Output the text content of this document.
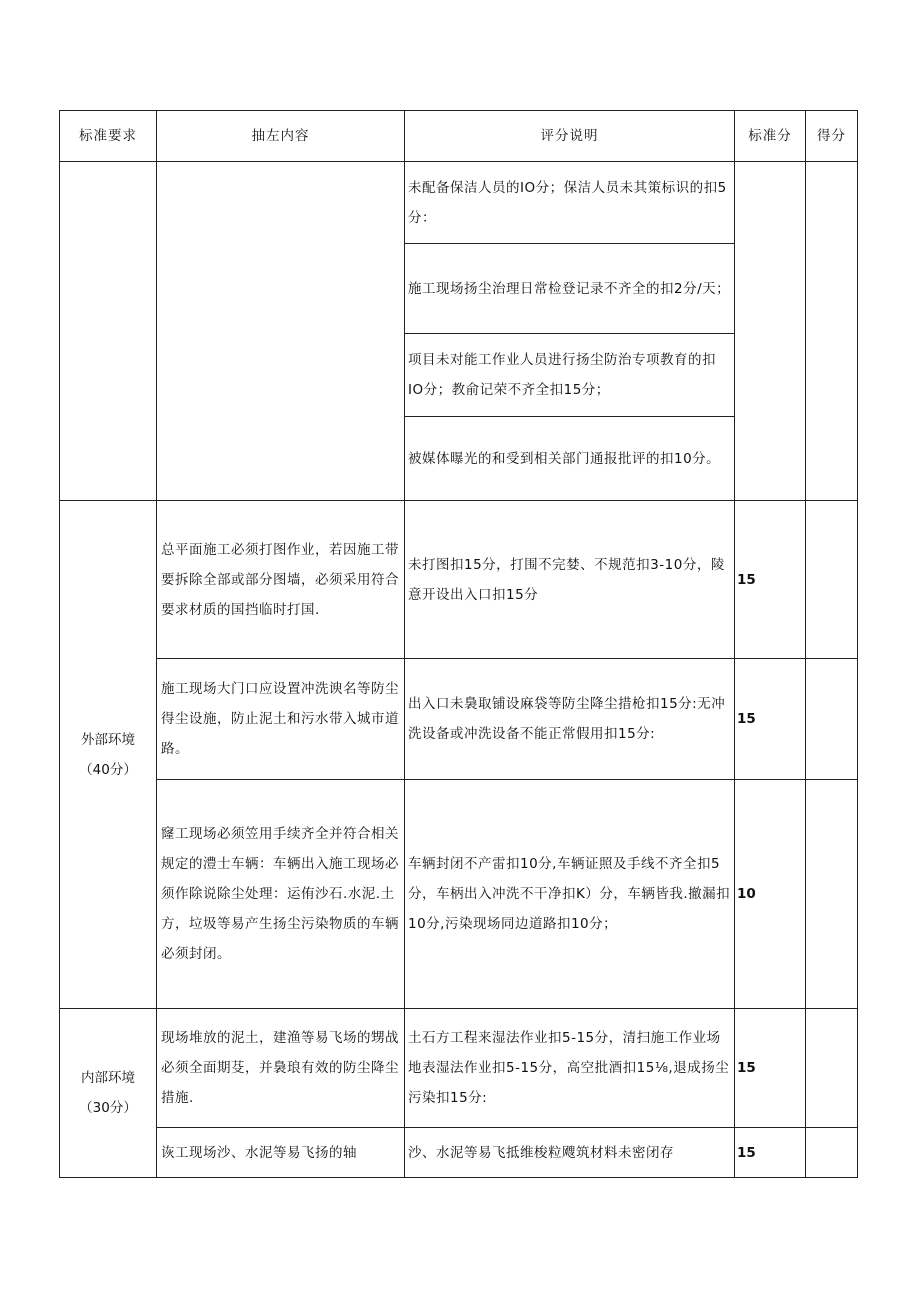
标准要求	抽左内容	评分说明	标准分	得分
		未配备保洁人员的IO分；保洁人员未其策标识的扣5分：		
		施工现场扬尘治理日常检登记录不齐全的扣2分/天；		
		项目未对能工作业人员进行扬尘防治专项教育的扣IO分；教俞记荣不齐全扣15分；		
		被媒体曝光的和受到相关部门通报批评的扣10分。		
外部环境
（40分）	总平面施工必须打图作业，若因施工带要拆除全部或部分图墙，必须采用符合要求材质的国挡临时打国.	未打图扣15分，打围不完婪、不规范扣3-10分，陵意开设出入口扣15分	15	
	施工现场大门口应设置冲洗谀名等防尘得尘设施，防止泥土和污水带入城市道路。	出入口未裊取铺设麻袋等防尘降尘措枪扣15分:无冲洗设备或冲洗设备不能正常假用扣15分:	15	
	窿工现场必须笠用手续齐全并符合相关规定的澧士车辆：车辆出入施工现场必须作除说除尘处理：运侑沙石.水泥.土方，垃圾等易产生扬尘污染物质的车辆必须封闭。	车辆封闭不产雷扣10分,车辆证照及手线不齐全扣5分，车柄出入冲洗不干净扣K）分，车辆皆我.撤漏扣10分,污染现场同边道路扣10分；	10	
内部环境
（30分）	现场堆放的泥土，建渔等易飞场的甥战必须全面期芟，并裊琅有效的防尘降尘措施.	土石方工程来湿法作业扣5-15分，清扫施工作业场地表湿法作业扣5-15分，高空批酒扣15⅛,退成扬尘污染扣15分:	15	
	诙工现场沙、水泥等易飞扬的轴	沙、水泥等易飞抵维梭粒飕筑材料未密闭存	15	
